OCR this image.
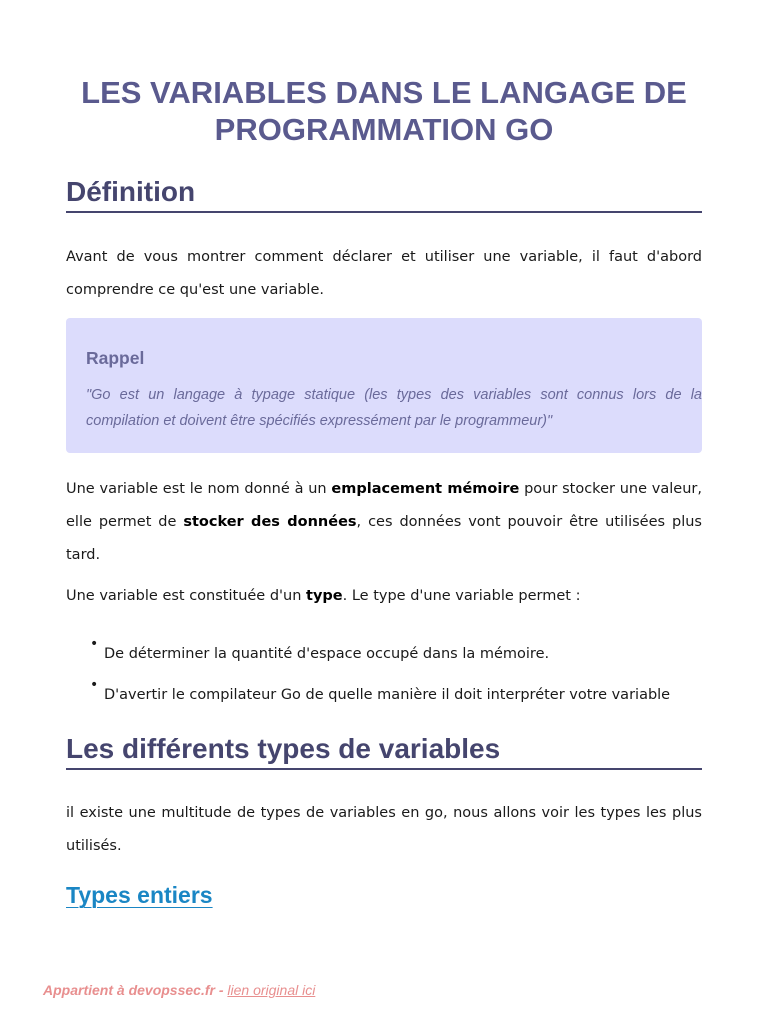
LES VARIABLES DANS LE LANGAGE DE
PROGRAMMATION GO
Définition

Avant de vous montrer comment déclarer et utiliser une variable, il faut d'abord comprendre ce qu'est une variable.

Rappel

"Go est un langage à typage statique (les types des variables sont connus lors de la compilation et doivent être spécifiés expressément par le programmeur)"

Une variable est le nom donné à un emplacement mémoire pour stocker une valeur, elle permet de stocker des données, ces données vont pouvoir être utilisées plus tard.

Une variable est constituée d'un type. Le type d'une variable permet :

•
De déterminer la quantité d'espace occupé dans la mémoire.
•
D'avertir le compilateur Go de quelle manière il doit interpréter votre variable
Les différents types de variables

il existe une multitude de types de variables en go, nous allons voir les types les plus utilisés.

Types entiers
Appartient à devopssec.fr - lien original ici
